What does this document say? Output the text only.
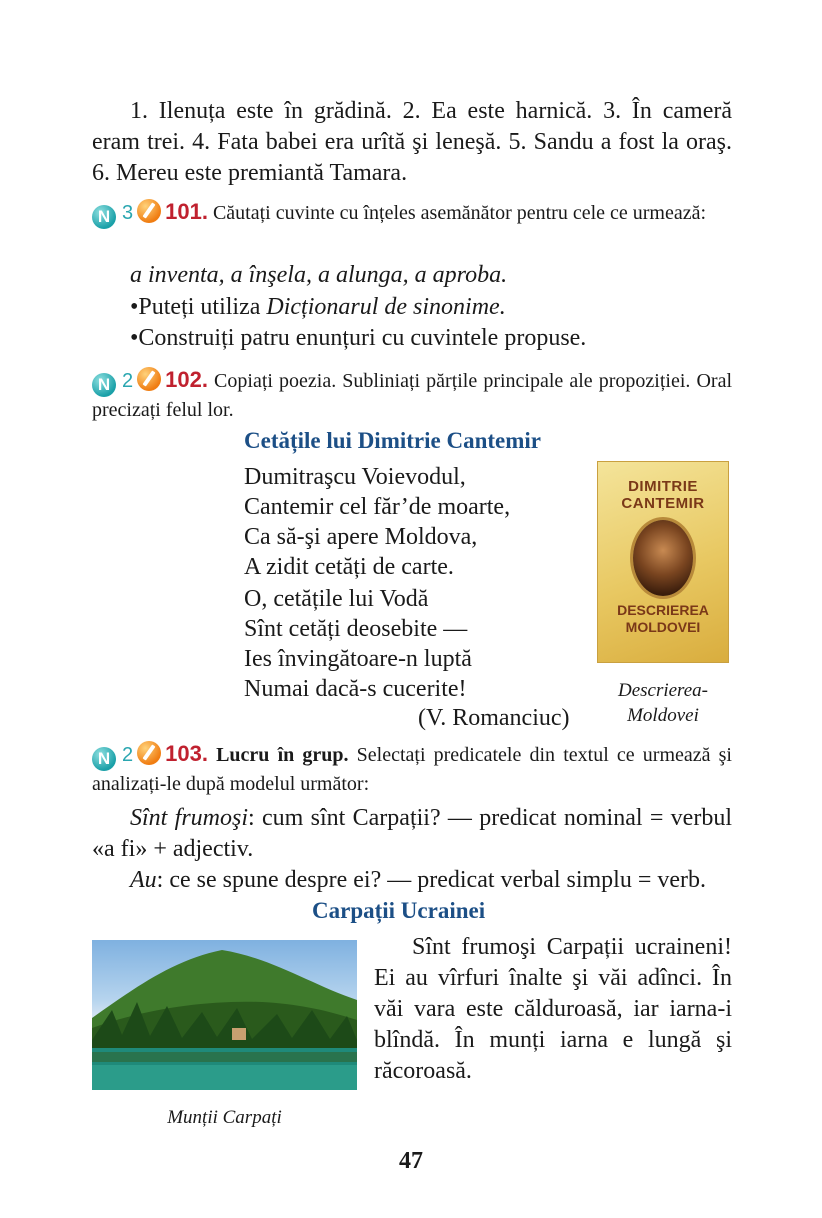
1. Ilenuța este în grădină. 2. Ea este harnică. 3. În cameră eram trei. 4. Fata babei era urîtă şi leneşă. 5. Sandu a fost la oraş. 6. Mereu este premiantă Tamara.
N 3 101. Căutați cuvinte cu înțeles asemănător pentru cele ce urmează:
a inventa, a înşela, a alunga, a aproba.
•Puteți utiliza Dicționarul de sinonime.
•Construiți patru enunțuri cu cuvintele propuse.
N 2 102. Copiați poezia. Subliniați părțile principale ale propoziției. Oral precizați felul lor.
Cetățile lui Dimitrie Cantemir
Dumitraşcu Voievodul,
Cantemir cel făr’de moarte,
Ca să-şi apere Moldova,
A zidit cetăți de carte.
O, cetățile lui Vodă
Sînt cetăți deosebite —
Ies învingătoare-n luptă
Numai dacă-s cucerite!
(V. Romanciuc)
DIMITRIE CANTEMIR
DESCRIEREA MOLDOVEI
Descrierea-
Moldovei
N 2 103. Lucru în grup. Selectați predicatele din textul ce urmează şi analizați-le după modelul următor:
Sînt frumoşi: cum sînt Carpații? — predicat nominal = verbul «a fi» + adjectiv.
Au: ce se spune despre ei? — predicat verbal simplu = verb.
Carpații Ucrainei
Munții Carpați
Sînt frumoşi Carpații ucraineni! Ei au vîrfuri înalte şi văi adînci. În văi vara este călduroasă, iar iarna-i blîndă. În munți iarna e lungă şi răcoroasă.
47
